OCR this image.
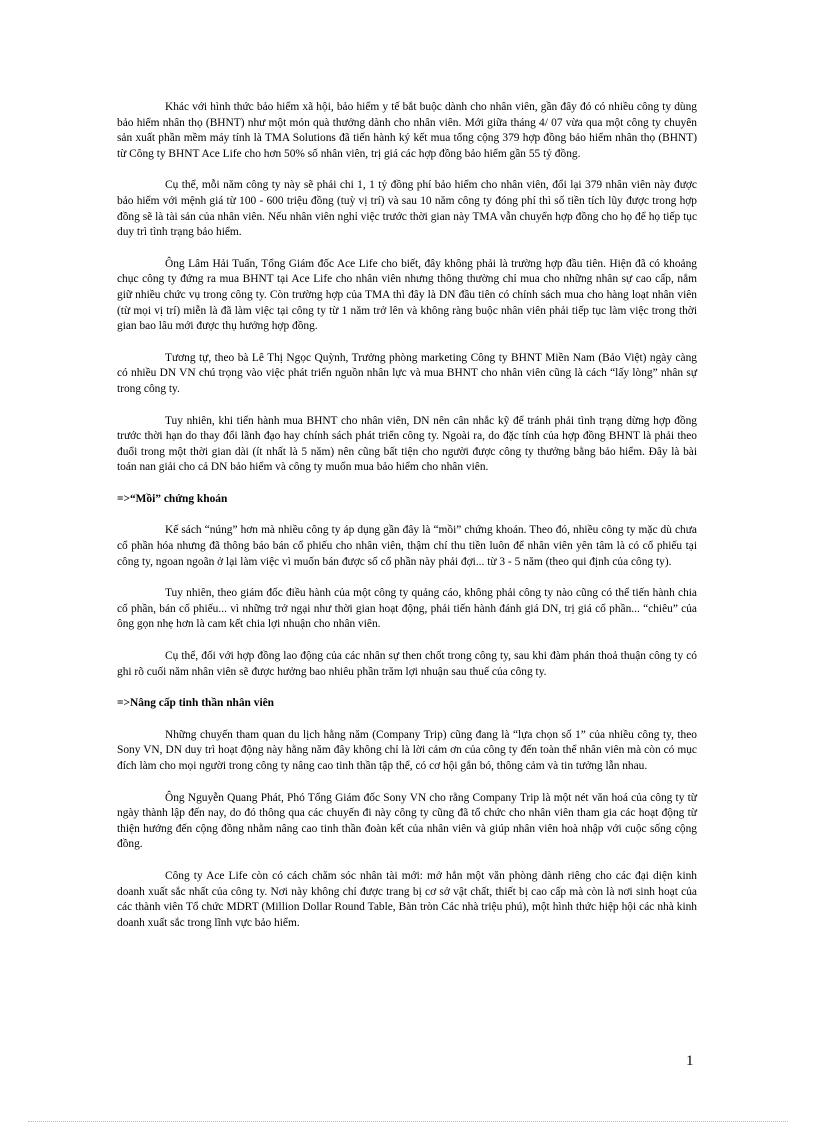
Khác với hình thức bảo hiểm xã hội, bảo hiểm y tế bắt buộc dành cho nhân viên, gần đây đó có nhiều công ty dùng bảo hiểm nhân thọ (BHNT) như một món quà thưởng dành cho nhân viên. Mới giữa tháng 4/ 07 vừa qua một công ty chuyên sản xuất phần mềm máy tính là TMA Solutions đã tiến hành ký kết mua tổng cộng 379 hợp đồng bảo hiểm nhân thọ (BHNT) từ Công ty BHNT Ace Life cho hơn 50% số nhân viên, trị giá các hợp đồng bảo hiểm gần 55 tỷ đồng.

Cụ thể, mỗi năm công ty này sẽ phải chi 1, 1 tỷ đồng phí bảo hiểm cho nhân viên, đổi lại 379 nhân viên này được bảo hiểm với mệnh giá từ 100 - 600 triệu đồng (tuỳ vị trí) và sau 10 năm công ty đóng phí thì số tiền tích lũy được trong hợp đồng sẽ là tài sản của nhân viên. Nếu nhân viên nghỉ việc trước thời gian này TMA vẫn chuyển hợp đồng cho họ để họ tiếp tục duy trì tình trạng bảo hiểm.

Ông Lâm Hải Tuấn, Tổng Giám đốc Ace Life cho biết, đây không phải là trường hợp đầu tiên. Hiện đã có khoảng chục công ty đứng ra mua BHNT tại Ace Life cho nhân viên nhưng thông thường chỉ mua cho những nhân sự cao cấp, nắm giữ nhiều chức vụ trong công ty. Còn trường hợp của TMA thì đây là DN đầu tiên có chính sách mua cho hàng loạt nhân viên (từ mọi vị trí) miễn là đã làm việc tại công ty từ 1 năm trở lên và không ràng buộc nhân viên phải tiếp tục làm việc trong thời gian bao lâu mới được thụ hưởng hợp đồng.

Tương tự, theo bà Lê Thị Ngọc Quỳnh, Trưởng phòng marketing Công ty BHNT Miền Nam (Bảo Việt) ngày càng có nhiều DN VN chú trọng vào việc phát triển nguồn nhân lực và mua BHNT cho nhân viên cũng là cách “lấy lòng” nhân sự trong công ty.

Tuy nhiên, khi tiến hành mua BHNT cho nhân viên, DN nên cân nhắc kỹ để tránh phải tình trạng dừng hợp đồng trước thời hạn do thay đổi lãnh đạo hay chính sách phát triển công ty. Ngoài ra, do đặc tính của hợp đồng BHNT là phải theo đuổi trong một thời gian dài (ít nhất là 5 năm) nên cũng bất tiện cho người được công ty thưởng bằng bảo hiểm. Đây là bài toán nan giải cho cả DN bảo hiểm và công ty muốn mua bảo hiểm cho nhân viên.

=>“Mồi” chứng khoán

Kế sách “núng” hơn mà nhiều công ty áp dụng gần đây là “mồi” chứng khoán. Theo đó, nhiều công ty mặc dù chưa cổ phần hóa nhưng đã thông báo bán cổ phiếu cho nhân viên, thậm chí thu tiền luôn để nhân viên yên tâm là có cổ phiếu tại công ty, ngoan ngoãn ở lại làm việc vì muốn bán được số cổ phần này phải đợi... từ 3 - 5 năm (theo qui định của công ty).

Tuy nhiên, theo giám đốc điều hành của một công ty quảng cáo, không phải công ty nào cũng có thể tiến hành chia cổ phần, bán cổ phiếu... vì những trở ngại như thời gian hoạt động, phải tiến hành đánh giá DN, trị giá cổ phần... “chiêu” của ông gọn nhẹ hơn là cam kết chia lợi nhuận cho nhân viên.

Cụ thể, đối với hợp đồng lao động của các nhân sự then chốt trong công ty, sau khi đàm phán thoả thuận công ty có ghi rõ cuối năm nhân viên sẽ được hưởng bao nhiêu phần trăm lợi nhuận sau thuế của công ty.

=>Nâng cấp tinh thần nhân viên

Những chuyến tham quan du lịch hằng năm (Company Trip) cũng đang là “lựa chọn số 1” của nhiều công ty, theo Sony VN, DN duy trì hoạt động này hằng năm đây không chỉ là lời cảm ơn của công ty đến toàn thể nhân viên mà còn có mục đích làm cho mọi người trong công ty nâng cao tinh thần tập thể, có cơ hội gắn bó, thông cảm và tin tưởng lẫn nhau.

Ông Nguyễn Quang Phát, Phó Tổng Giám đốc Sony VN cho rằng Company Trip là một nét văn hoá của công ty từ ngày thành lập đến nay, do đó thông qua các chuyến đi này công ty cũng đã tổ chức cho nhân viên tham gia các hoạt động từ thiện hướng đến cộng đồng nhằm nâng cao tinh thần đoàn kết của nhân viên và giúp nhân viên hoà nhập với cuộc sống cộng đồng.

Công ty Ace Life còn có cách chăm sóc nhân tài mới: mở hẳn một văn phòng dành riêng cho các đại diện kinh doanh xuất sắc nhất của công ty. Nơi này không chỉ được trang bị cơ sở vật chất, thiết bị cao cấp mà còn là nơi sinh hoạt của các thành viên Tổ chức MDRT (Million Dollar Round Table, Bàn tròn Các nhà triệu phú), một hình thức hiệp hội các nhà kinh doanh xuất sắc trong lĩnh vực bảo hiểm.

1
